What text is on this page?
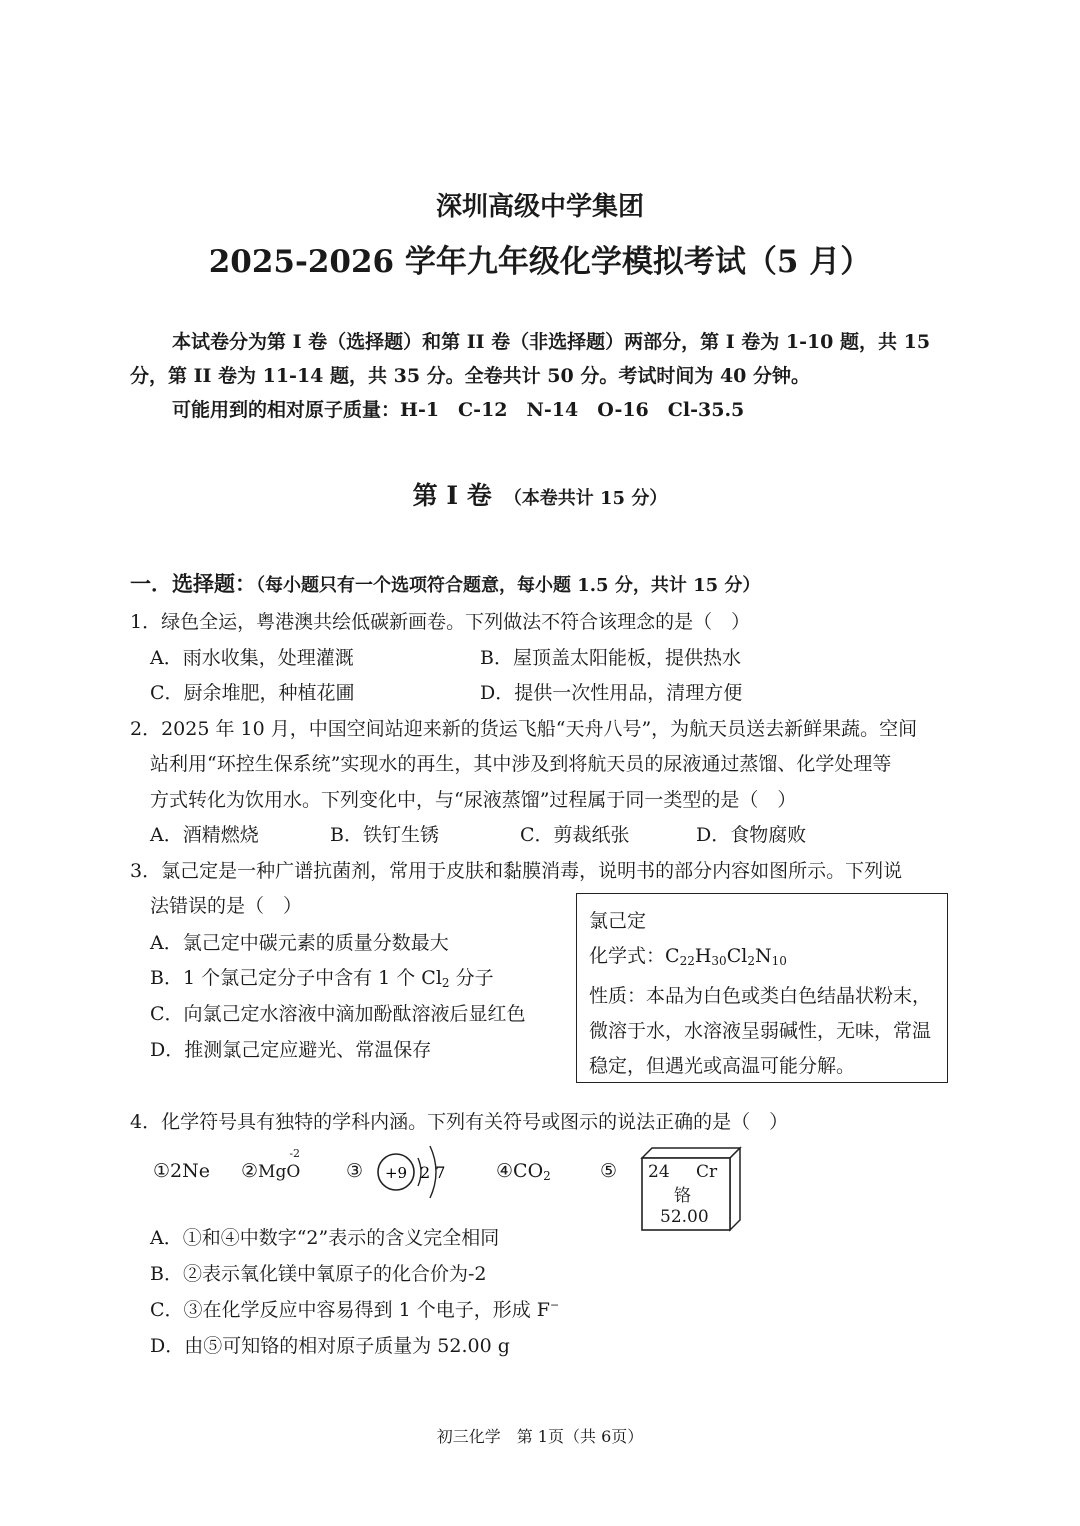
深圳高级中学集团
2025-2026 学年九年级化学模拟考试（5 月）
本试卷分为第 I 卷（选择题）和第 II 卷（非选择题）两部分，第 I 卷为 1-10 题，共 15
分，第 II 卷为 11-14 题，共 35 分。全卷共计 50 分。考试时间为 40 分钟。
可能用到的相对原子质量：H-1　C-12　N-14　O-16　Cl-35.5
第 I 卷 （本卷共计 15 分）
一．选择题：（每小题只有一个选项符合题意，每小题 1.5 分，共计 15 分）
1．绿色全运，粤港澳共绘低碳新画卷。下列做法不符合该理念的是（　）
A．雨水收集，处理灌溉	B．屋顶盖太阳能板，提供热水
C．厨余堆肥，种植花圃	D．提供一次性用品，清理方便
2．2025 年 10 月，中国空间站迎来新的货运飞船“天舟八号”，为航天员送去新鲜果蔬。空间
站利用“环控生保系统”实现水的再生，其中涉及到将航天员的尿液通过蒸馏、化学处理等
方式转化为饮用水。下列变化中，与“尿液蒸馏”过程属于同一类型的是（　）
A．酒精燃烧	B．铁钉生锈	C．剪裁纸张	D．食物腐败
3．氯己定是一种广谱抗菌剂，常用于皮肤和黏膜消毒，说明书的部分内容如图所示。下列说
法错误的是（　）
A．氯己定中碳元素的质量分数最大
B．1 个氯己定分子中含有 1 个 $Cl_2$ 分子
C．向氯己定水溶液中滴加酚酞溶液后显红色
D．推测氯己定应避光、常温保存
氯己定
化学式：$C_{22}H_{30}Cl_2N_{10}$
性质：本品为白色或类白色结晶状粉末，
微溶于水，水溶液呈弱碱性，无味，常温
稳定，但遇光或高温可能分解。
4．化学符号具有独特的学科内涵。下列有关符号或图示的说法正确的是（　）
①2Ne ②MgO
-2
③ +9 2 7	$④CO_2$	⑤ 24 Cr
铬
52.00
A．①和④中数字“2”表示的含义完全相同
B．②表示氧化镁中氧原子的化合价为-2
C．③在化学反应中容易得到 1 个电子，形成 F−
D．由⑤可知铬的相对原子质量为 52.00 g
初三化学　第 1页（共 6页）
